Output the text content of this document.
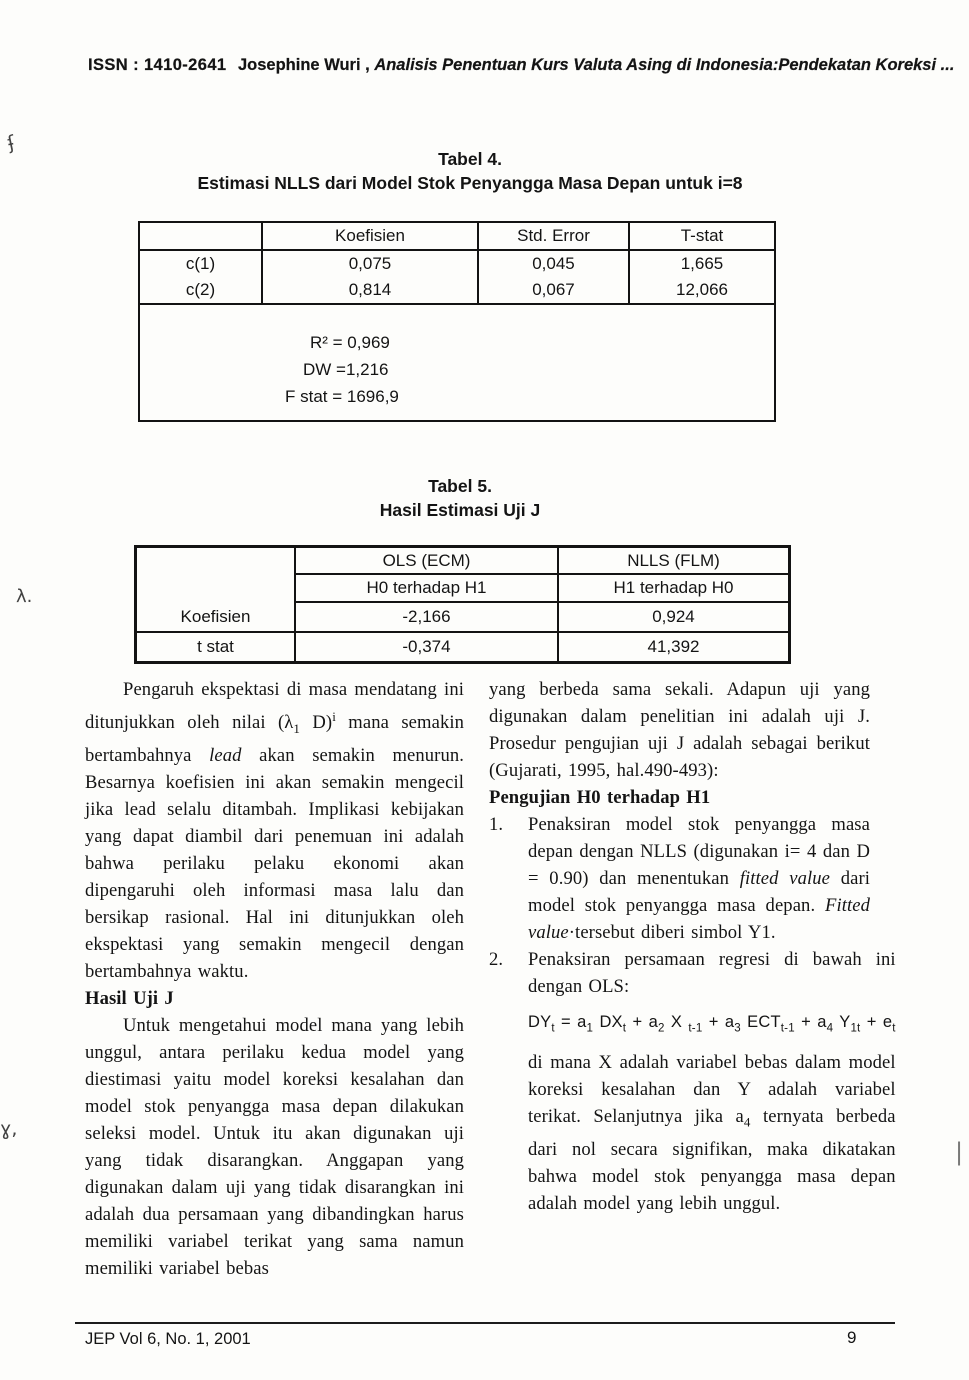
ISSN : 1410-2641 Josephine Wuri , Analisis Penentuan Kurs Valuta Asing di Indonesia:Pendekatan Koreksi ...
Tabel 4.
Estimasi NLLS dari Model Stok Penyangga Masa Depan untuk i=8
	Koefisien	Std. Error	T-stat
c(1)	0,075	0,045	1,665
c(2)	0,814	0,067	12,066
R² = 0,969
DW =1,216
F stat = 1696,9
Tabel 5.
Hasil Estimasi Uji J
	OLS (ECM)	NLLS (FLM)
	H0 terhadap H1	H1 terhadap H0
Koefisien	-2,166	0,924
t stat	-0,374	41,392

Pengaruh ekspektasi di masa mendatang ini ditunjukkan oleh nilai ($\lambda_1$ D)$^i$ mana semakin bertambahnya lead akan semakin menurun. Besarnya koefisien ini akan semakin mengecil jika lead selalu ditambah. Implikasi kebijakan yang dapat diambil dari penemuan ini adalah bahwa perilaku pelaku ekonomi akan dipengaruhi oleh informasi masa lalu dan bersikap rasional. Hal ini ditunjukkan oleh ekspektasi yang semakin mengecil dengan bertambahnya waktu.

Hasil Uji J

Untuk mengetahui model mana yang lebih unggul, antara perilaku kedua model yang diestimasi yaitu model koreksi kesalahan dan model stok penyangga masa depan dilakukan seleksi model. Untuk itu akan digunakan uji yang tidak disarangkan. Anggapan yang digunakan dalam uji yang tidak disarangkan ini adalah dua persamaan yang dibandingkan harus memiliki variabel terikat yang sama namun memiliki variabel bebas

yang berbeda sama sekali. Adapun uji yang digunakan dalam penelitian ini adalah uji J. Prosedur pengujian uji J adalah sebagai berikut (Gujarati, 1995, hal.490-493):

Pengujian H0 terhadap H1

1.	Penaksiran model stok penyangga masa depan dengan NLLS (digunakan i= 4 dan D = 0.90) dan menentukan fitted value dari model stok penyangga masa depan. Fitted value·tersebut diberi simbol Y1.
2.	Penaksiran persamaan regresi di bawah ini dengan OLS:
$DY_t = a_1$ $DX_t + a_2$ X $_{t-1} + a_3$ $ECT_{t-1} + a_4$ $Y_{1t} + e_t$
di mana X adalah variabel bebas dalam model koreksi kesalahan dan Y adalah variabel terikat. Selanjutnya jika $a_4$ ternyata berbeda dari nol secara signifikan, maka dikatakan bahwa model stok penyangga masa depan adalah model yang lebih unggul.
JEP Vol 6, No. 1, 2001	9
ʄ
λ.
ɣ,
|
